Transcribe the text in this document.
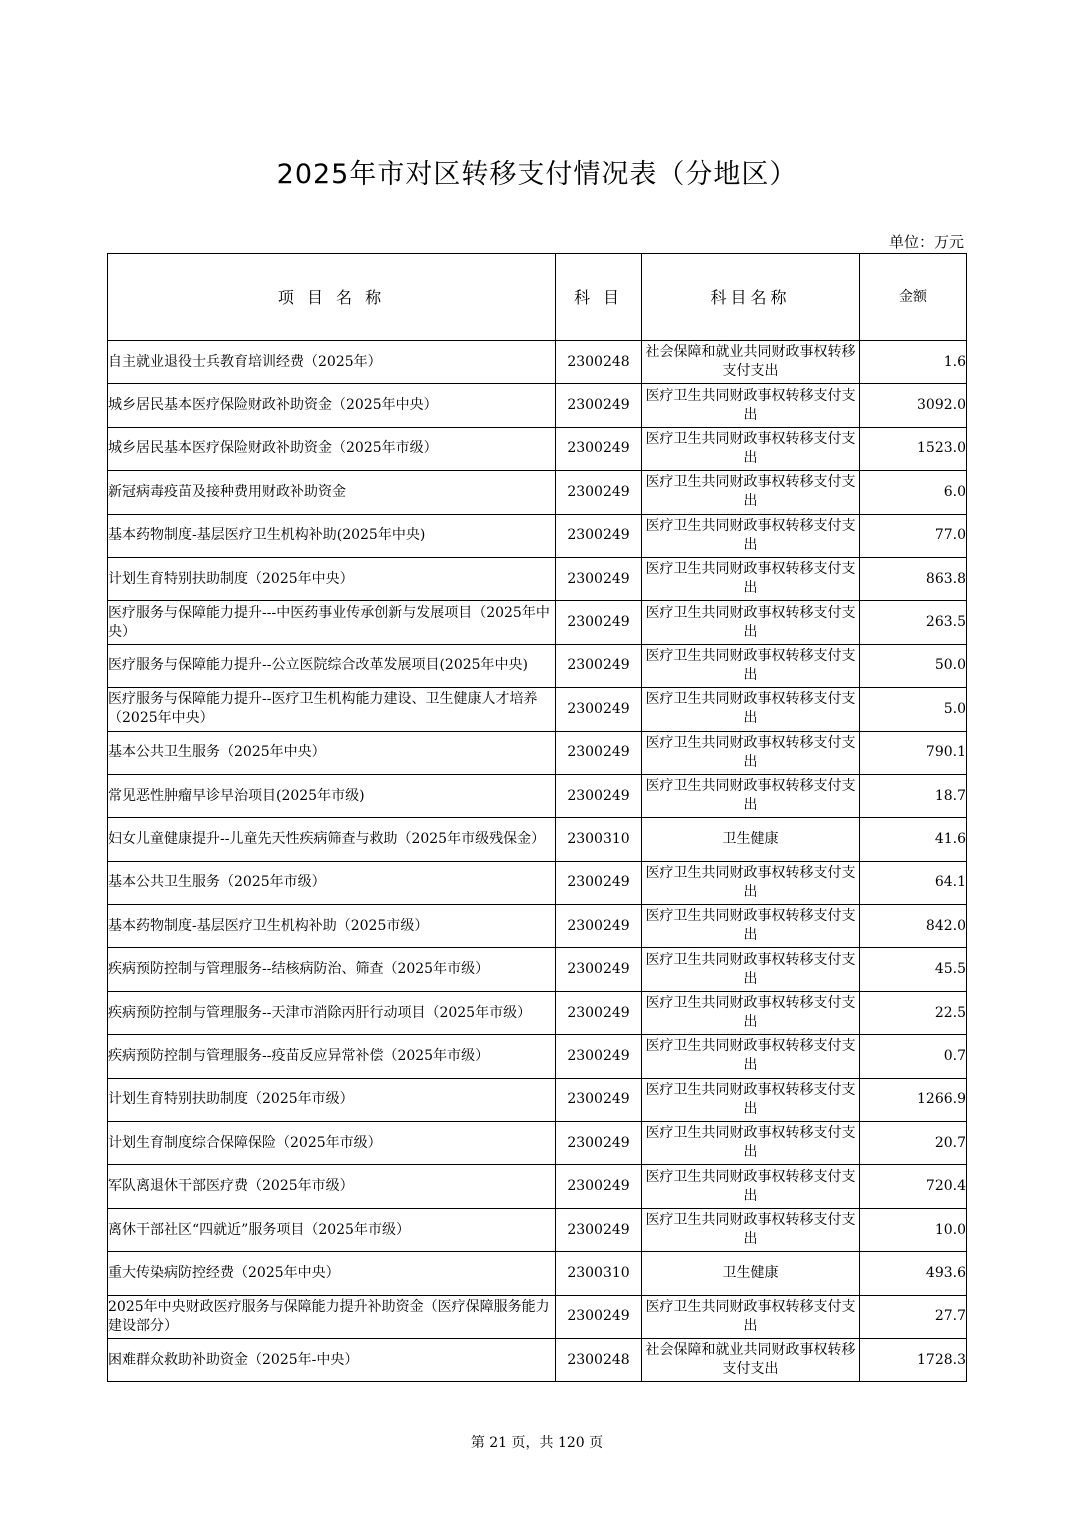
2025年市对区转移支付情况表（分地区）
单位：万元
项 目 名 称	科 目	科目名称	金额
自主就业退役士兵教育培训经费（2025年）	2300248	社会保障和就业共同财政事权转移支付支出	1.6
城乡居民基本医疗保险财政补助资金（2025年中央）	2300249	医疗卫生共同财政事权转移支付支出	3092.0
城乡居民基本医疗保险财政补助资金（2025年市级）	2300249	医疗卫生共同财政事权转移支付支出	1523.0
新冠病毒疫苗及接种费用财政补助资金	2300249	医疗卫生共同财政事权转移支付支出	6.0
基本药物制度-基层医疗卫生机构补助(2025年中央)	2300249	医疗卫生共同财政事权转移支付支出	77.0
计划生育特别扶助制度（2025年中央）	2300249	医疗卫生共同财政事权转移支付支出	863.8
医疗服务与保障能力提升---中医药事业传承创新与发展项目（2025年中央）	2300249	医疗卫生共同财政事权转移支付支出	263.5
医疗服务与保障能力提升--公立医院综合改革发展项目(2025年中央)	2300249	医疗卫生共同财政事权转移支付支出	50.0
医疗服务与保障能力提升--医疗卫生机构能力建设、卫生健康人才培养（2025年中央）	2300249	医疗卫生共同财政事权转移支付支出	5.0
基本公共卫生服务（2025年中央）	2300249	医疗卫生共同财政事权转移支付支出	790.1
常见恶性肿瘤早诊早治项目(2025年市级)	2300249	医疗卫生共同财政事权转移支付支出	18.7
妇女儿童健康提升--儿童先天性疾病筛查与救助（2025年市级残保金）	2300310	卫生健康	41.6
基本公共卫生服务（2025年市级）	2300249	医疗卫生共同财政事权转移支付支出	64.1
基本药物制度-基层医疗卫生机构补助（2025市级）	2300249	医疗卫生共同财政事权转移支付支出	842.0
疾病预防控制与管理服务--结核病防治、筛查（2025年市级）	2300249	医疗卫生共同财政事权转移支付支出	45.5
疾病预防控制与管理服务--天津市消除丙肝行动项目（2025年市级）	2300249	医疗卫生共同财政事权转移支付支出	22.5
疾病预防控制与管理服务--疫苗反应异常补偿（2025年市级）	2300249	医疗卫生共同财政事权转移支付支出	0.7
计划生育特别扶助制度（2025年市级）	2300249	医疗卫生共同财政事权转移支付支出	1266.9
计划生育制度综合保障保险（2025年市级）	2300249	医疗卫生共同财政事权转移支付支出	20.7
军队离退休干部医疗费（2025年市级）	2300249	医疗卫生共同财政事权转移支付支出	720.4
离休干部社区“四就近”服务项目（2025年市级）	2300249	医疗卫生共同财政事权转移支付支出	10.0
重大传染病防控经费（2025年中央）	2300310	卫生健康	493.6
2025年中央财政医疗服务与保障能力提升补助资金（医疗保障服务能力建设部分）	2300249	医疗卫生共同财政事权转移支付支出	27.7
困难群众救助补助资金（2025年-中央）	2300248	社会保障和就业共同财政事权转移支付支出	1728.3
第 21 页，共 120 页
